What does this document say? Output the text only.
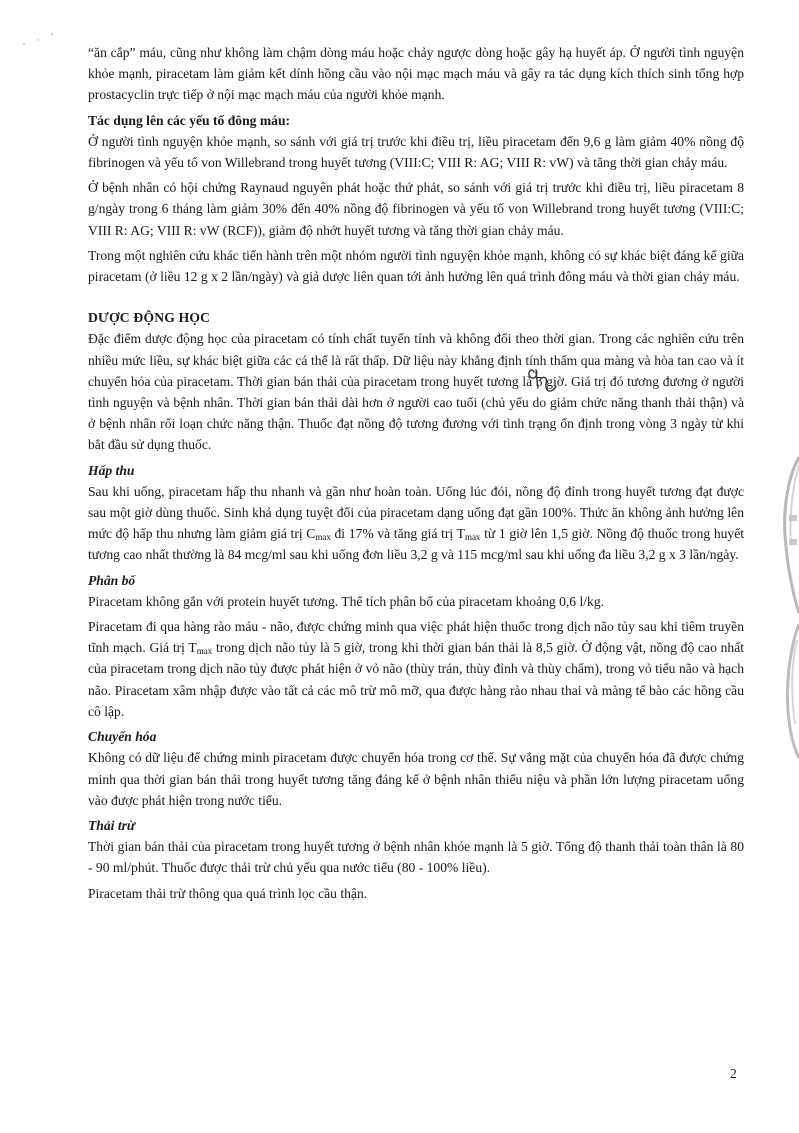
“ăn cắp” máu, cũng như không làm chậm dòng máu hoặc chảy ngược dòng hoặc gây hạ huyết áp. Ở người tình nguyện khỏe mạnh, piracetam làm giảm kết dính hồng cầu vào nội mạc mạch máu và gây ra tác dụng kích thích sinh tổng hợp prostacyclin trực tiếp ở nội mạc mạch máu của người khỏe mạnh.

Tác dụng lên các yếu tố đông máu:

Ở người tình nguyện khỏe mạnh, so sánh với giá trị trước khi điều trị, liều piracetam đến 9,6 g làm giảm 40% nồng độ fibrinogen và yếu tố von Willebrand trong huyết tương (VIII:C; VIII R: AG; VIII R: vW) và tăng thời gian chảy máu.

Ở bệnh nhân có hội chứng Raynaud nguyên phát hoặc thứ phát, so sánh với giá trị trước khi điều trị, liều piracetam 8 g/ngày trong 6 tháng làm giảm 30% đến 40% nồng độ fibrinogen và yếu tố von Willebrand trong huyết tương (VIII:C; VIII R: AG; VIII R: vW (RCF)), giảm độ nhớt huyết tương và tăng thời gian chảy máu.

Trong một nghiên cứu khác tiến hành trên một nhóm người tình nguyện khỏe mạnh, không có sự khác biệt đáng kể giữa piracetam (ở liều 12 g x 2 lần/ngày) và giả dược liên quan tới ảnh hưởng lên quá trình đông máu và thời gian chảy máu.

DƯỢC ĐỘNG HỌC

Đặc điểm dược động học của piracetam có tính chất tuyến tính và không đổi theo thời gian. Trong các nghiên cứu trên nhiều mức liều, sự khác biệt giữa các cá thể là rất thấp. Dữ liệu này khẳng định tính thấm qua màng và hòa tan cao và ít chuyển hóa của piracetam. Thời gian bán thải của piracetam trong huyết tương là 5 giờ. Giá trị đó tương đương ở người tình nguyện và bệnh nhân. Thời gian bán thải dài hơn ở người cao tuổi (chủ yếu do giảm chức năng thanh thải thận) và ở bệnh nhân rối loạn chức năng thận. Thuốc đạt nồng độ tương đương với tình trạng ổn định trong vòng 3 ngày từ khi bắt đầu sử dụng thuốc.

Hấp thu

Sau khi uống, piracetam hấp thu nhanh và gần như hoàn toàn. Uống lúc đói, nồng độ đỉnh trong huyết tương đạt được sau một giờ dùng thuốc. Sinh khả dụng tuyệt đối của piracetam dạng uống đạt gần 100%. Thức ăn không ảnh hưởng lên mức độ hấp thu nhưng làm giảm giá trị $C_{max}$ đi 17% và tăng giá trị $T_{max}$ từ 1 giờ lên 1,5 giờ. Nồng độ thuốc trong huyết tương cao nhất thường là 84 mcg/ml sau khi uống đơn liều 3,2 g và 115 mcg/ml sau khi uống đa liều 3,2 g x 3 lần/ngày.

Phân bố

Piracetam không gắn với protein huyết tương. Thể tích phân bố của piracetam khoảng 0,6 l/kg.

Piracetam đi qua hàng rào máu - não, được chứng minh qua việc phát hiện thuốc trong dịch não tủy sau khi tiêm truyền tĩnh mạch. Giá trị $T_{max}$ trong dịch não tủy là 5 giờ, trong khi thời gian bán thải là 8,5 giờ. Ở động vật, nồng độ cao nhất của piracetam trong dịch não tủy được phát hiện ở vỏ não (thùy trán, thùy đỉnh và thùy chẩm), trong vỏ tiểu não và hạch não. Piracetam xâm nhập được vào tất cả các mô trừ mô mỡ, qua được hàng rào nhau thai và màng tế bào các hồng cầu cô lập.

Chuyển hóa

Không có dữ liệu để chứng minh piracetam được chuyển hóa trong cơ thể. Sự vắng mặt của chuyển hóa đã được chứng minh qua thời gian bán thải trong huyết tương tăng đáng kể ở bệnh nhân thiểu niệu và phần lớn lượng piracetam uống vào được phát hiện trong nước tiểu.

Thải trừ

Thời gian bán thải của piracetam trong huyết tương ở bệnh nhân khỏe mạnh là 5 giờ. Tổng độ thanh thải toàn thân là 80 - 90 ml/phút. Thuốc được thải trừ chủ yếu qua nước tiểu (80 - 100% liều).

Piracetam thải trừ thông qua quá trình lọc cầu thận.

2
